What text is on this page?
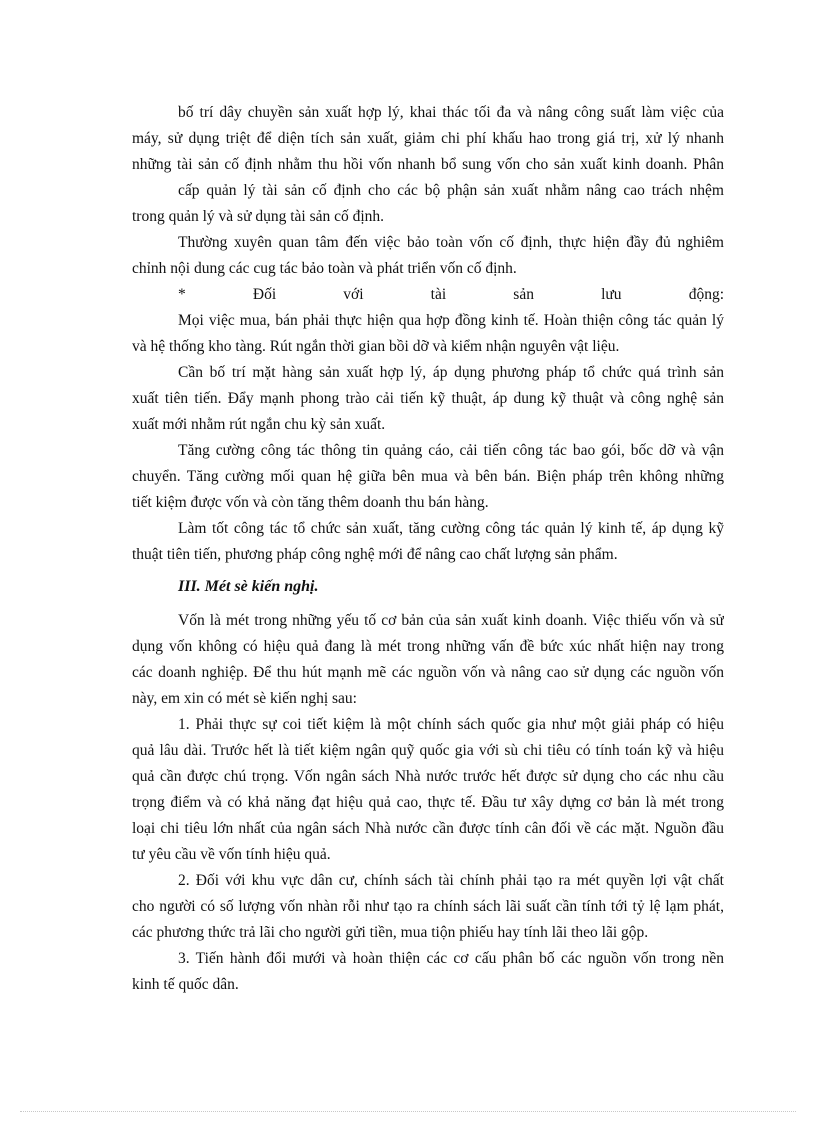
bố trí dây chuyền sản xuất hợp lý, khai thác tối đa và nâng công suất làm việc của
máy, sử dụng triệt để diện tích sản xuất, giảm chi phí khấu hao trong giá trị, xử lý nhanh
những tài sản cố định nhằm thu hồi vốn nhanh bổ sung vốn cho sản xuất kinh doanh. Phân
cấp quản lý tài sản cố định cho các bộ phận sản xuất nhằm nâng cao trách nhệm
trong quản lý và sử dụng tài sản cố định.
Thường xuyên quan tâm đến việc bảo toàn vốn cố định, thực hiện đầy đủ nghiêm
chỉnh nội dung các cug tác bảo toàn và phát triển vốn cố định.
* Đối với tài sản lưu động:
Mọi việc mua, bán phải thực hiện qua hợp đồng kinh tế. Hoàn thiện công tác quản lý
và hệ thống kho tàng. Rút ngắn thời gian bồi dỡ và kiểm nhận nguyên vật liệu.
Cần bố trí mặt hàng sản xuất hợp lý, áp dụng phương pháp tổ chức quá trình sản
xuất tiên tiến. Đẩy mạnh phong trào cải tiến kỹ thuật, áp dung kỹ thuật và công nghệ sản
xuất mới nhằm rút ngắn chu kỳ sản xuất.
Tăng cường công tác thông tin quảng cáo, cải tiến công tác bao gói, bốc dỡ và vận
chuyển. Tăng cường mối quan hệ giữa bên mua và bên bán. Biện pháp trên không những
tiết kiệm được vốn và còn tăng thêm doanh thu bán hàng.
Làm tốt công tác tổ chức sản xuất, tăng cường công tác quản lý kinh tế, áp dụng kỹ
thuật tiên tiến, phương pháp công nghệ mới để nâng cao chất lượng sản phẩm.
III. Mét sè kiến nghị.
Vốn là mét trong những yếu tố cơ bản của sản xuất kinh doanh. Việc thiếu vốn và sử
dụng vốn không có hiệu quả đang là mét trong những vấn đề bức xúc nhất hiện nay trong
các doanh nghiệp. Để thu hút mạnh mẽ các nguồn vốn và nâng cao sử dụng các nguồn vốn
này, em xin có mét sè kiến nghị sau:
1. Phải thực sự coi tiết kiệm là một chính sách quốc gia như một giải pháp có hiệu
quả lâu dài. Trước hết là tiết kiệm ngân quỹ quốc gia với sù chi tiêu có tính toán kỹ và hiệu
quả cần được chú trọng. Vốn ngân sách Nhà nước trước hết được sử dụng cho các nhu cầu
trọng điểm và có khả năng đạt hiệu quả cao, thực tế. Đầu tư xây dựng cơ bản là mét trong
loại chi tiêu lớn nhất của ngân sách Nhà nước cần được tính cân đối về các mặt. Nguồn đầu
tư yêu cầu về vốn tính hiệu quả.
2. Đối với khu vực dân cư, chính sách tài chính phải tạo ra mét quyền lợi vật chất
cho người có số lượng vốn nhàn rỗi như tạo ra chính sách lãi suất cần tính tới tỷ lệ lạm phát,
các phương thức trả lãi cho người gửi tiền, mua tiộn phiếu hay tính lãi theo lãi gộp.
3. Tiến hành đổi mưới và hoàn thiện các cơ cấu phân bố các nguồn vốn trong nền
kinh tế quốc dân.
